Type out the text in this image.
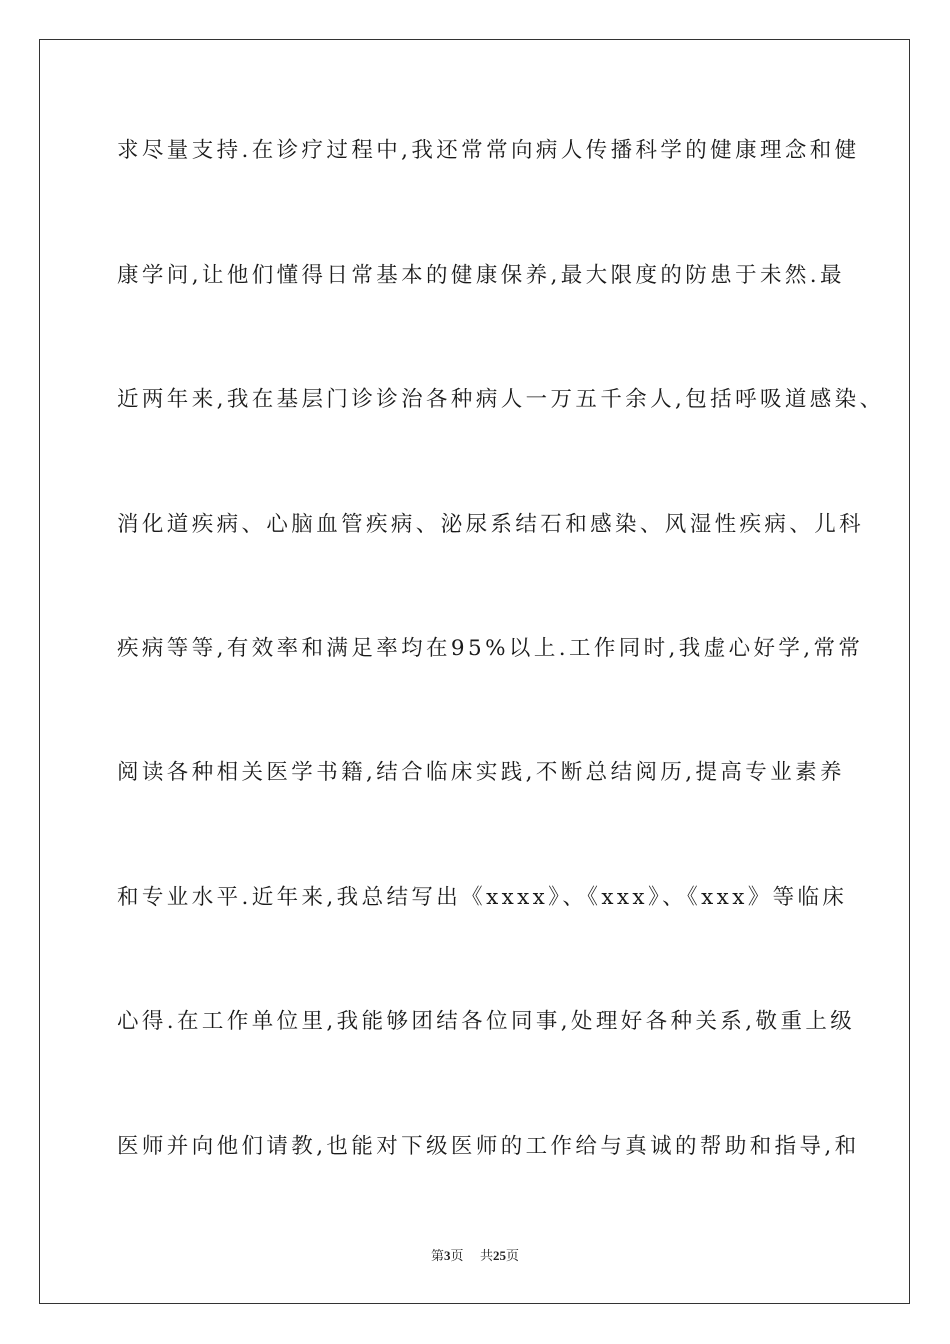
求尽量支持.在诊疗过程中,我还常常向病人传播科学的健康理念和健
康学问,让他们懂得日常基本的健康保养,最大限度的防患于未然.最
近两年来,我在基层门诊诊治各种病人一万五千余人,包括呼吸道感染、
消化道疾病、心脑血管疾病、泌尿系结石和感染、风湿性疾病、儿科
疾病等等,有效率和满足率均在95%以上.工作同时,我虚心好学,常常
阅读各种相关医学书籍,结合临床实践,不断总结阅历,提高专业素养
和专业水平.近年来,我总结写出《xxxx》、《xxx》、《xxx》等临床
心得.在工作单位里,我能够团结各位同事,处理好各种关系,敬重上级
医师并向他们请教,也能对下级医师的工作给与真诚的帮助和指导,和
第3页 共25页
